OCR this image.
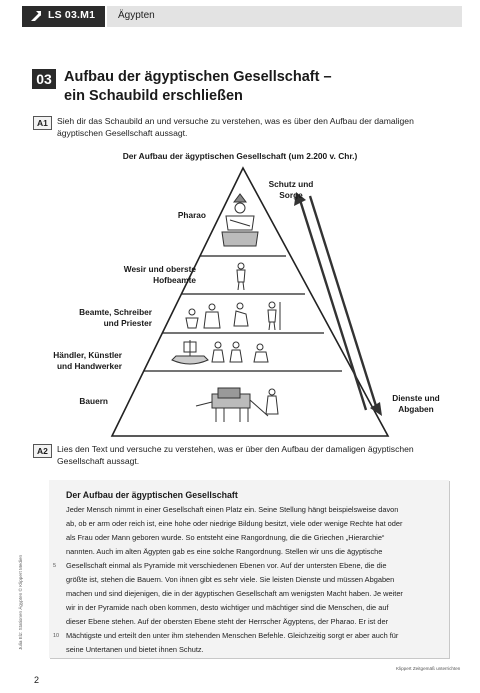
LS 03.M1 Ägypten
03 Aufbau der ägyptischen Gesellschaft –
ein Schaubild erschließen
A1	Sieh dir das Schaubild an und versuche zu verstehen, was es über den Aufbau der damaligen
ägyptischen Gesellschaft aussagt.
Der Aufbau der ägyptischen Gesellschaft (um 2.200 v. Chr.)
Pharao
Wesir und oberste
Hofbeamte
Beamte, Schreiber
und Priester
Händler, Künstler
und Handwerker
Bauern
Schutz und
Sorge
Dienste und
Abgaben
A2	Lies den Text und versuche zu verstehen, was er über den Aufbau der damaligen ägyptischen
Gesellschaft aussagt.
Der Aufbau der ägyptischen Gesellschaft
Jeder Mensch nimmt in einer Gesellschaft einen Platz ein. Seine Stellung hängt beispielsweise davon
ab, ob er arm oder reich ist, eine hohe oder niedrige Bildung besitzt, viele oder wenige Rechte hat oder
als Frau oder Mann geboren wurde. So entsteht eine Rangordnung, die die Griechen „Hierarchie“
nannten. Auch im alten Ägypten gab es eine solche Rangordnung. Stellen wir uns die ägyptische
Gesellschaft einmal als Pyramide mit verschiedenen Ebenen vor. Auf der untersten Ebene, die die
größte ist, stehen die Bauern. Von ihnen gibt es sehr viele. Sie leisten Dienste und müssen Abgaben
machen und sind diejenigen, die in der ägyptischen Gesellschaft am wenigsten Macht haben. Je weiter
wir in der Pyramide nach oben kommen, desto wichtiger und mächtiger sind die Menschen, die auf
dieser Ebene stehen. Auf der obersten Ebene steht der Herrscher Ägyptens, der Pharao. Er ist der
Mächtigste und erteilt den unter ihm stehenden Menschen Befehle. Gleichzeitig sorgt er aber auch für
seine Untertanen und bietet ihnen Schutz.
5
10
2
Julia Elz: Stationen Ägypten © Klippert Medien
Klippert Zeitgemäß unterrichten
